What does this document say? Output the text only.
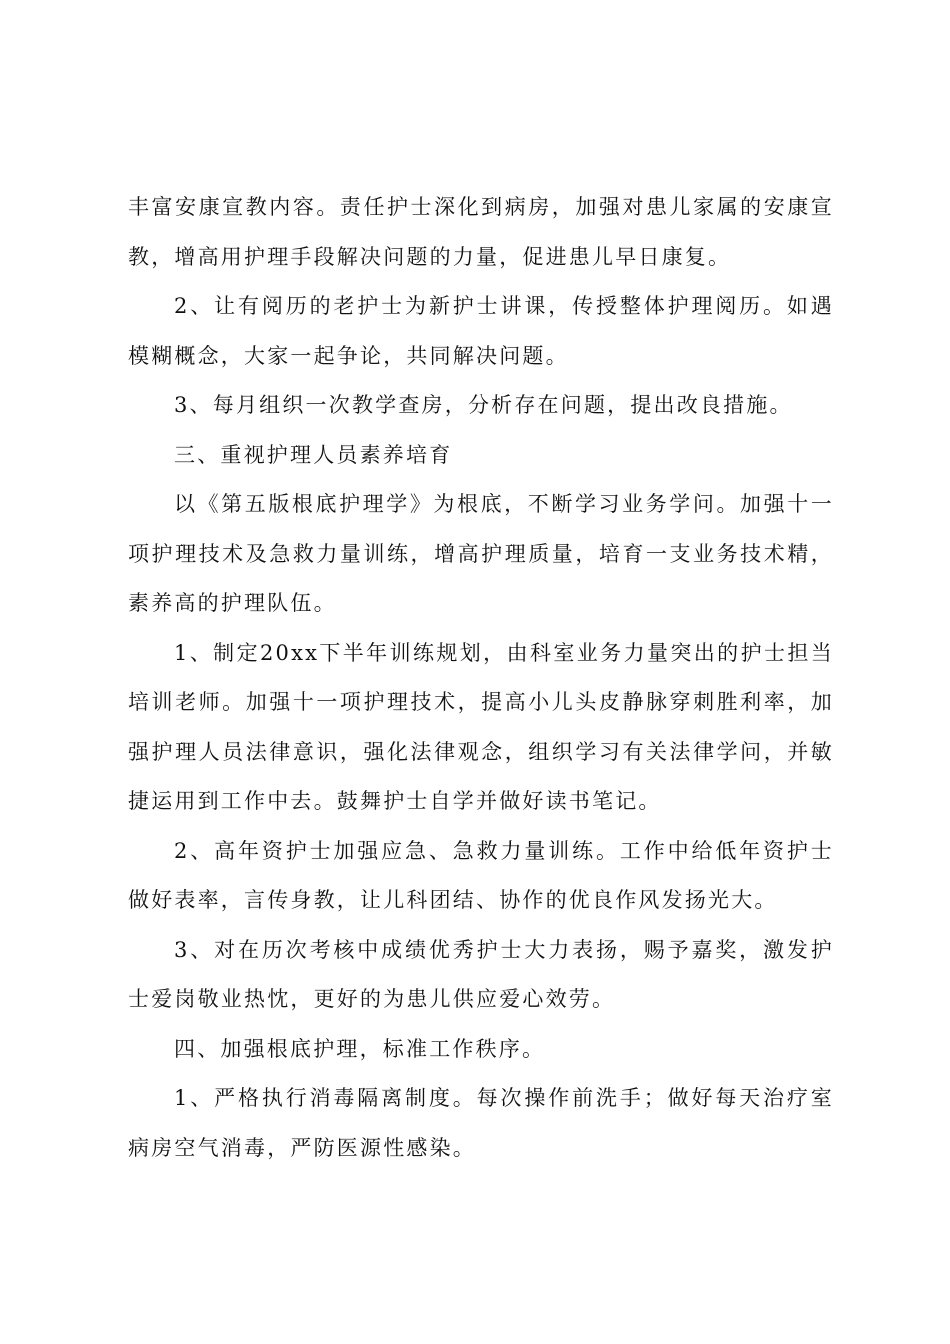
丰富安康宣教内容。责任护士深化到病房，加强对患儿家属的安康宣教，增高用护理手段解决问题的力量，促进患儿早日康复。

2、让有阅历的老护士为新护士讲课，传授整体护理阅历。如遇模糊概念，大家一起争论，共同解决问题。

3、每月组织一次教学查房，分析存在问题，提出改良措施。

三、重视护理人员素养培育

以《第五版根底护理学》为根底，不断学习业务学问。加强十一项护理技术及急救力量训练，增高护理质量，培育一支业务技术精，素养高的护理队伍。

1、制定20xx下半年训练规划，由科室业务力量突出的护士担当培训老师。加强十一项护理技术，提高小儿头皮静脉穿刺胜利率，加强护理人员法律意识，强化法律观念，组织学习有关法律学问，并敏捷运用到工作中去。鼓舞护士自学并做好读书笔记。

2、高年资护士加强应急、急救力量训练。工作中给低年资护士做好表率，言传身教，让儿科团结、协作的优良作风发扬光大。

3、对在历次考核中成绩优秀护士大力表扬，赐予嘉奖，激发护士爱岗敬业热忱，更好的为患儿供应爱心效劳。

四、加强根底护理，标准工作秩序。

1、严格执行消毒隔离制度。每次操作前洗手；做好每天治疗室病房空气消毒，严防医源性感染。
